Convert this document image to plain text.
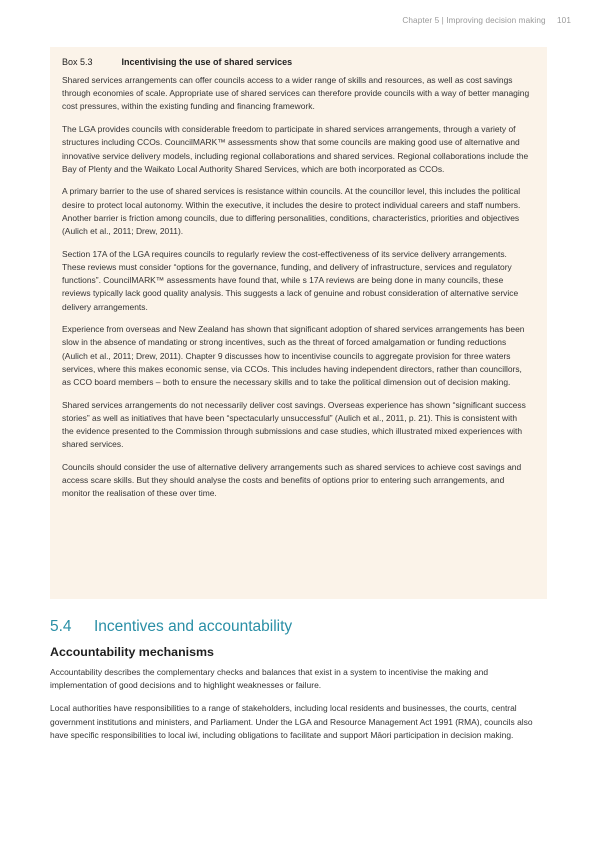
Chapter 5 | Improving decision making 101
Box 5.3	Incentivising the use of shared services

Shared services arrangements can offer councils access to a wider range of skills and resources, as well as cost savings through economies of scale. Appropriate use of shared services can therefore provide councils with a way of better managing cost pressures, within the existing funding and financing framework.

The LGA provides councils with considerable freedom to participate in shared services arrangements, through a variety of structures including CCOs. CouncilMARK™ assessments show that some councils are making good use of alternative and innovative service delivery models, including regional collaborations and shared services. Regional collaborations include the Bay of Plenty and the Waikato Local Authority Shared Services, which are both incorporated as CCOs.

A primary barrier to the use of shared services is resistance within councils. At the councillor level, this includes the political desire to protect local autonomy. Within the executive, it includes the desire to protect individual careers and staff numbers. Another barrier is friction among councils, due to differing personalities, conditions, characteristics, priorities and objectives (Aulich et al., 2011; Drew, 2011).

Section 17A of the LGA requires councils to regularly review the cost-effectiveness of its service delivery arrangements. These reviews must consider “options for the governance, funding, and delivery of infrastructure, services and regulatory functions”. CouncilMARK™ assessments have found that, while s 17A reviews are being done in many councils, these reviews typically lack good quality analysis. This suggests a lack of genuine and robust consideration of alternative service delivery arrangements.

Experience from overseas and New Zealand has shown that significant adoption of shared services arrangements has been slow in the absence of mandating or strong incentives, such as the threat of forced amalgamation or funding reductions (Aulich et al., 2011; Drew, 2011). Chapter 9 discusses how to incentivise councils to aggregate provision for three waters services, where this makes economic sense, via CCOs. This includes having independent directors, rather than councillors, as CCO board members – both to ensure the necessary skills and to take the political dimension out of decision making.

Shared services arrangements do not necessarily deliver cost savings. Overseas experience has shown “significant success stories” as well as initiatives that have been “spectacularly unsuccessful” (Aulich et al., 2011, p. 21). This is consistent with the evidence presented to the Commission through submissions and case studies, which illustrated mixed experiences with shared services.

Councils should consider the use of alternative delivery arrangements such as shared services to achieve cost savings and access scare skills. But they should analyse the costs and benefits of options prior to entering such arrangements, and monitor the realisation of these over time.

5.4 Incentives and accountability
Accountability mechanisms

Accountability describes the complementary checks and balances that exist in a system to incentivise the making and implementation of good decisions and to highlight weaknesses or failure.

Local authorities have responsibilities to a range of stakeholders, including local residents and businesses, the courts, central government institutions and ministers, and Parliament. Under the LGA and Resource Management Act 1991 (RMA), councils also have specific responsibilities to local iwi, including obligations to facilitate and support Māori participation in decision making.
